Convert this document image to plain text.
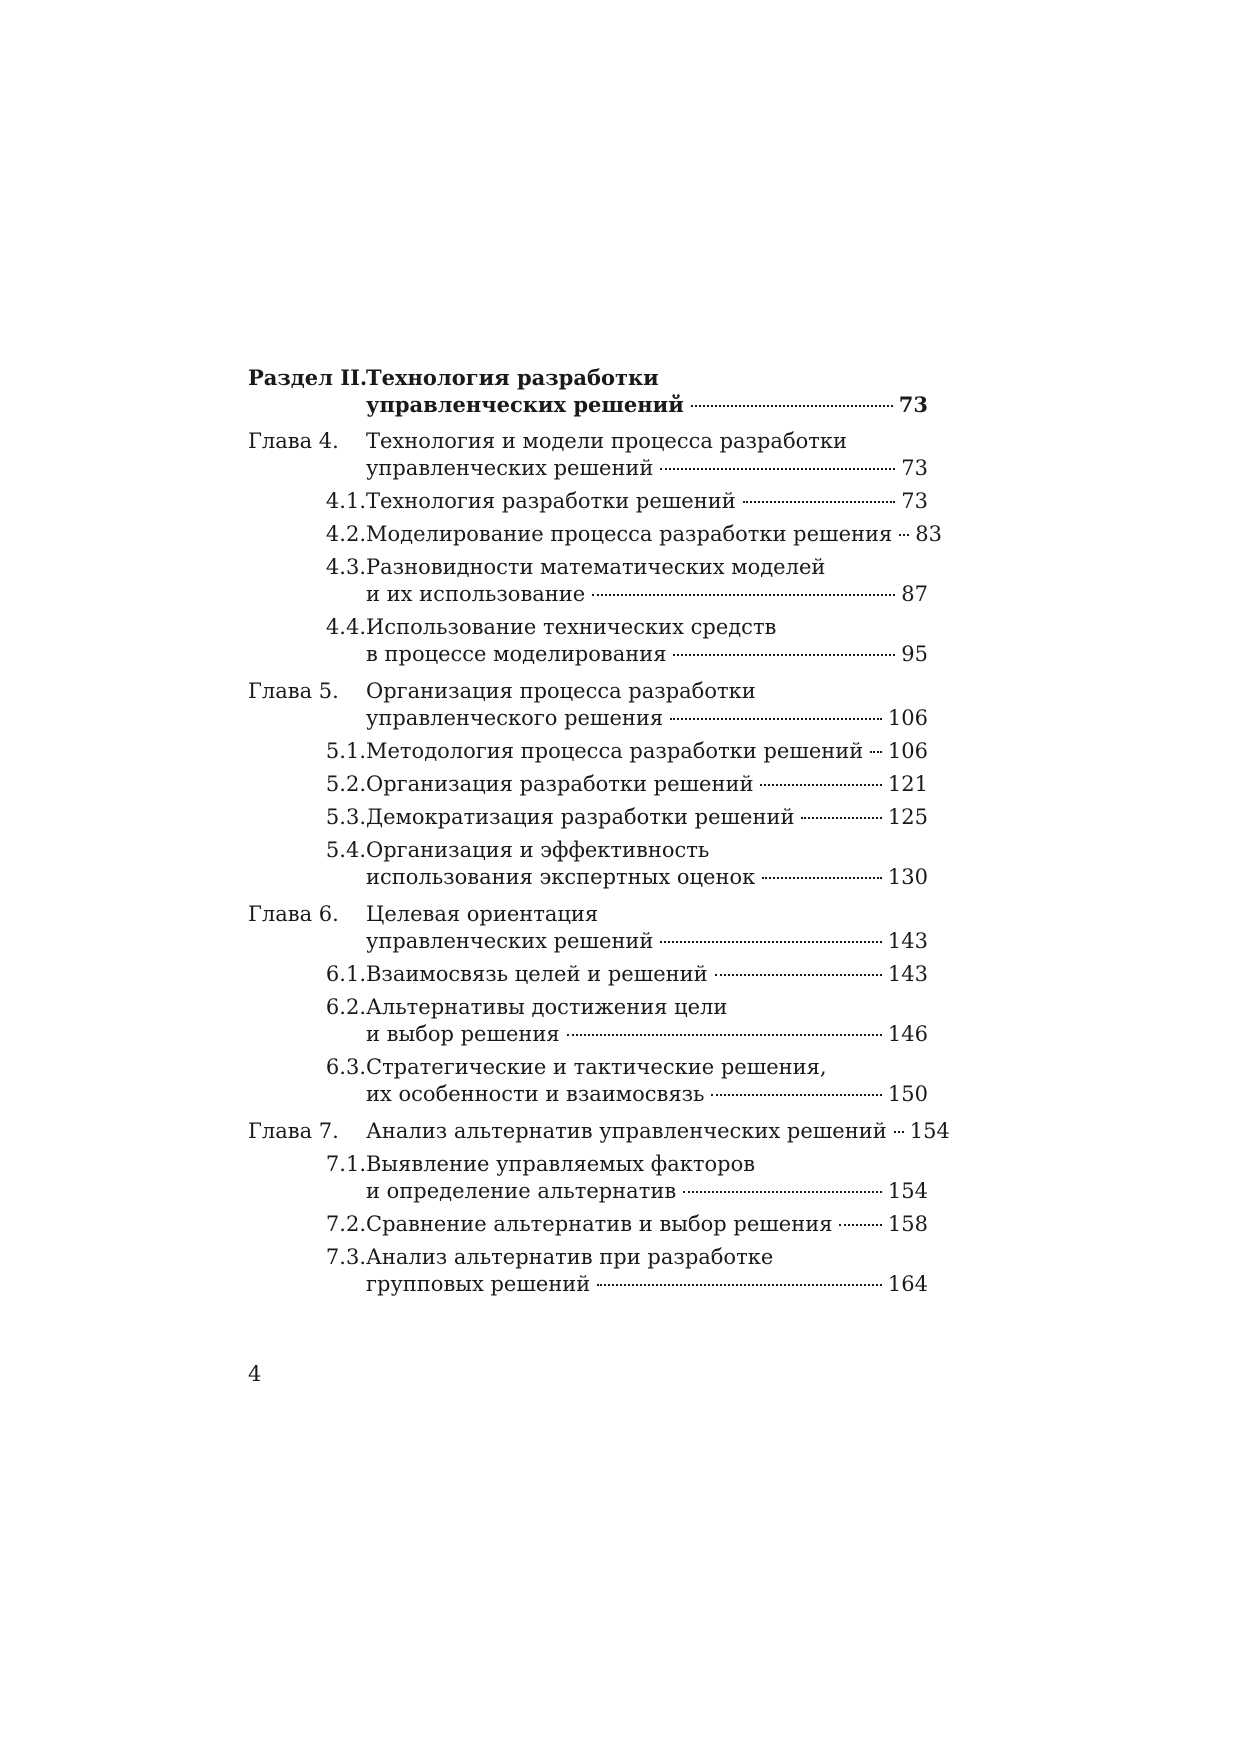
Раздел II.
Технология разработки
управленческих решений	73
Глава 4. Технология и модели процесса разработки
управленческих решений	73
4.1. Технология разработки решений	73
4.2. Моделирование процесса разработки решения 83
4.3. Разновидности математических моделей
и их использование	87
4.4. Использование технических средств
в процессе моделирования	95
Глава 5. Организация процесса разработки
управленческого решения	106
5.1. Методология процесса разработки решений 106
5.2. Организация разработки решений	121
5.3. Демократизация разработки решений	125
5.4. Организация и эффективность
использования экспертных оценок	130
Глава 6. Целевая ориентация
управленческих решений	143
6.1. Взаимосвязь целей и решений	143
6.2. Альтернативы достижения цели
и выбор решения	146
6.3. Стратегические и тактические решения,
их особенности и взаимосвязь	150
Глава 7. Анализ альтернатив управленческих решений 154
7.1. Выявление управляемых факторов
и определение альтернатив	154
7.2. Сравнение альтернатив и выбор решения	158
7.3. Анализ альтернатив при разработке
групповых решений	164
4
